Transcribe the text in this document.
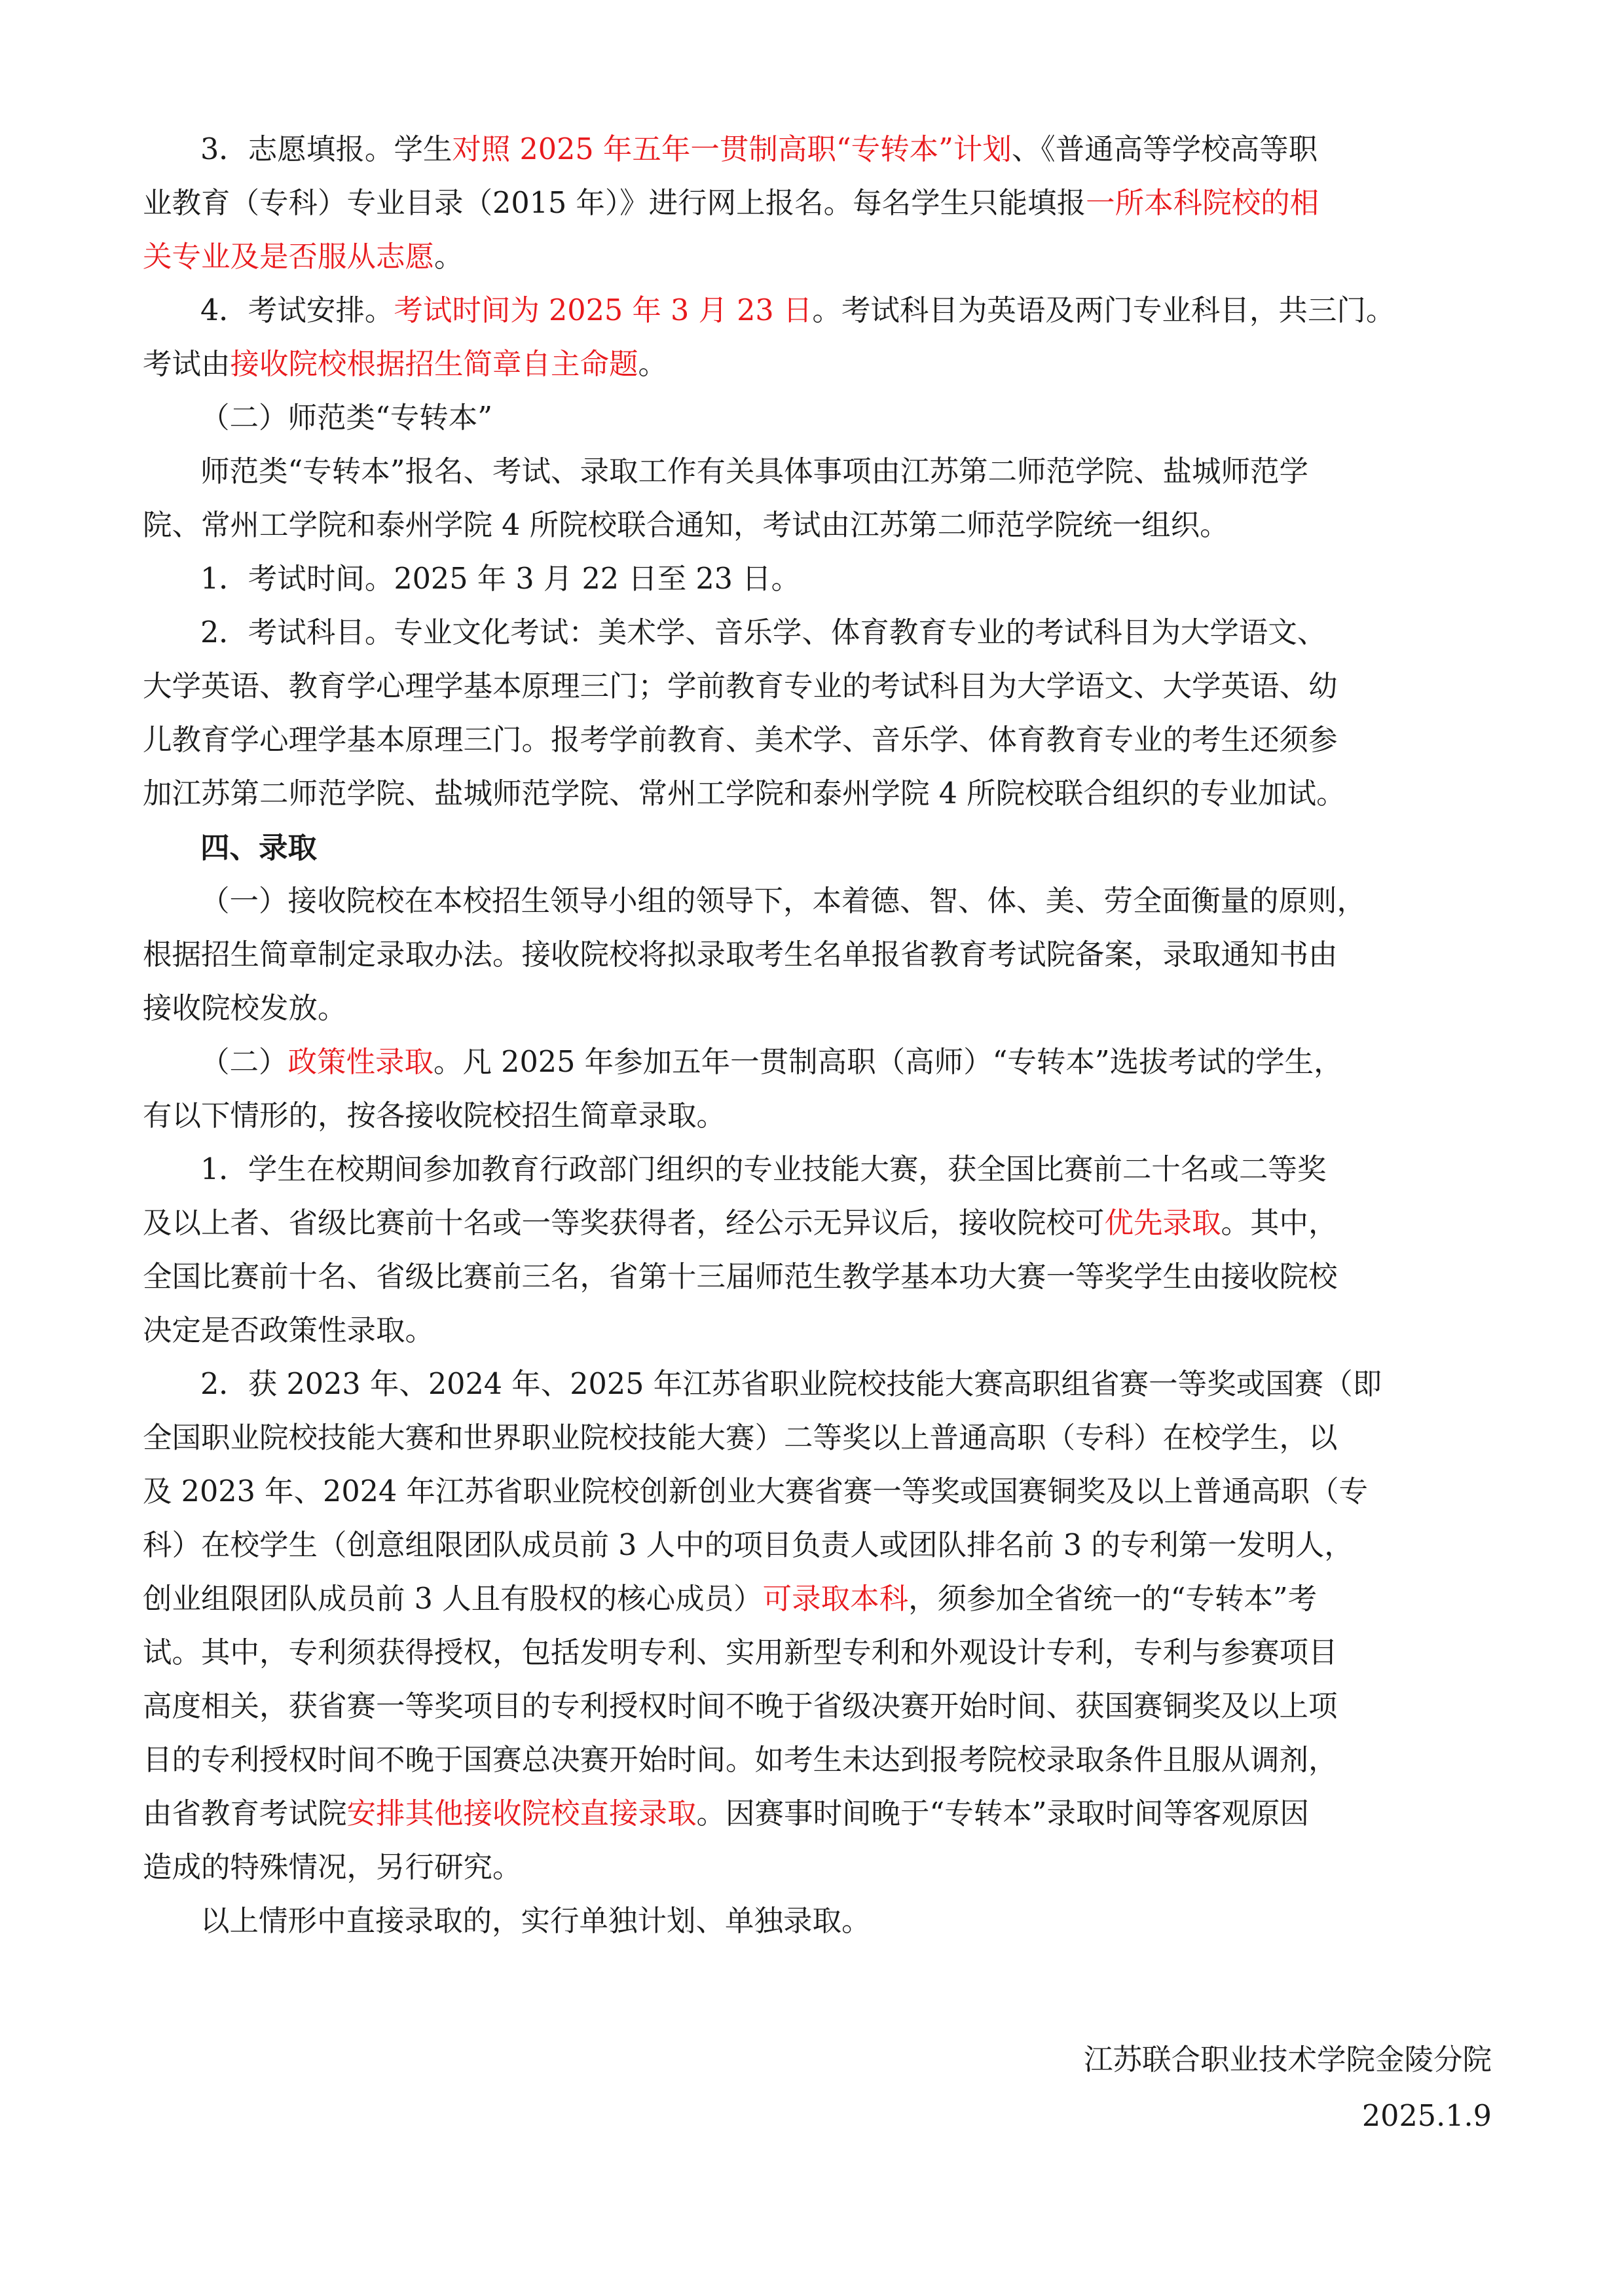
3．志愿填报。学生对照 2025 年五年一贯制高职“专转本”计划、《普通高等学校高等职
业教育（专科）专业目录（2015 年）》进行网上报名。每名学生只能填报一所本科院校的相
关专业及是否服从志愿。
4．考试安排。考试时间为 2025 年 3 月 23 日。考试科目为英语及两门专业科目，共三门。
考试由接收院校根据招生简章自主命题。
（二）师范类“专转本”
师范类“专转本”报名、考试、录取工作有关具体事项由江苏第二师范学院、盐城师范学
院、常州工学院和泰州学院 4 所院校联合通知，考试由江苏第二师范学院统一组织。
1．考试时间。2025 年 3 月 22 日至 23 日。
2．考试科目。专业文化考试：美术学、音乐学、体育教育专业的考试科目为大学语文、
大学英语、教育学心理学基本原理三门；学前教育专业的考试科目为大学语文、大学英语、幼
儿教育学心理学基本原理三门。报考学前教育、美术学、音乐学、体育教育专业的考生还须参
加江苏第二师范学院、盐城师范学院、常州工学院和泰州学院 4 所院校联合组织的专业加试。
四、录取
（一）接收院校在本校招生领导小组的领导下，本着德、智、体、美、劳全面衡量的原则，
根据招生简章制定录取办法。接收院校将拟录取考生名单报省教育考试院备案，录取通知书由
接收院校发放。
（二）政策性录取。凡 2025 年参加五年一贯制高职（高师）“专转本”选拔考试的学生，
有以下情形的，按各接收院校招生简章录取。
1．学生在校期间参加教育行政部门组织的专业技能大赛，获全国比赛前二十名或二等奖
及以上者、省级比赛前十名或一等奖获得者，经公示无异议后，接收院校可优先录取。其中，
全国比赛前十名、省级比赛前三名，省第十三届师范生教学基本功大赛一等奖学生由接收院校
决定是否政策性录取。
2．获 2023 年、2024 年、2025 年江苏省职业院校技能大赛高职组省赛一等奖或国赛（即
全国职业院校技能大赛和世界职业院校技能大赛）二等奖以上普通高职（专科）在校学生，以
及 2023 年、2024 年江苏省职业院校创新创业大赛省赛一等奖或国赛铜奖及以上普通高职（专
科）在校学生（创意组限团队成员前 3 人中的项目负责人或团队排名前 3 的专利第一发明人，
创业组限团队成员前 3 人且有股权的核心成员）可录取本科，须参加全省统一的“专转本”考
试。其中，专利须获得授权，包括发明专利、实用新型专利和外观设计专利，专利与参赛项目
高度相关，获省赛一等奖项目的专利授权时间不晚于省级决赛开始时间、获国赛铜奖及以上项
目的专利授权时间不晚于国赛总决赛开始时间。如考生未达到报考院校录取条件且服从调剂，
由省教育考试院安排其他接收院校直接录取。因赛事时间晚于“专转本”录取时间等客观原因
造成的特殊情况，另行研究。
以上情形中直接录取的，实行单独计划、单独录取。
江苏联合职业技术学院金陵分院
2025.1.9
